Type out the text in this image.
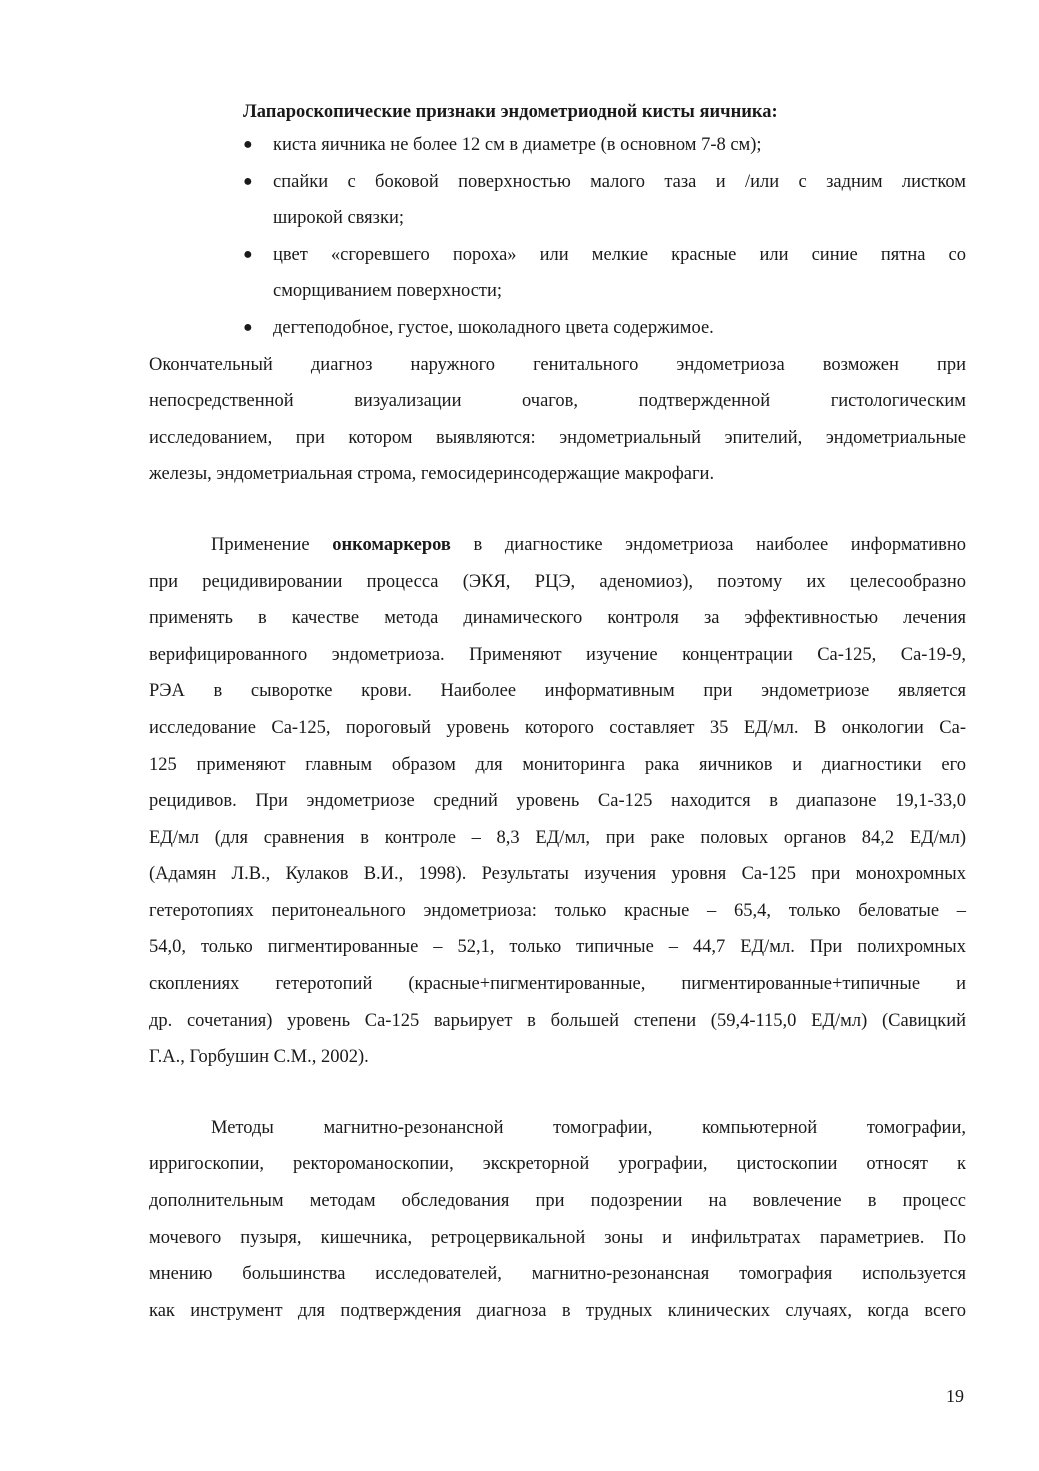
Лапароскопические признаки эндометриодной кисты яичника:
●	киста яичника не более 12 см в диаметре (в основном 7-8 см);
●	спайки с боковой поверхностью малого таза и /или с задним листком
широкой связки;
●	цвет «сгоревшего пороха» или мелкие красные или синие пятна со
сморщиванием поверхности;
●	дегтеподобное, густое, шоколадного цвета содержимое.
Окончательный диагноз наружного генитального эндометриоза возможен при
непосредственной визуализации очагов, подтвержденной гистологическим
исследованием, при котором выявляются: эндометриальный эпителий, эндометриальные
железы, эндометриальная строма, гемосидеринсодержащие макрофаги.
Применение онкомаркеров в диагностике эндометриоза наиболее информативно
при рецидивировании процесса (ЭКЯ, РЦЭ, аденомиоз), поэтому их целесообразно
применять в качестве метода динамического контроля за эффективностью лечения
верифицированного эндометриоза. Применяют изучение концентрации Са-125, Са-19-9,
РЭА в сыворотке крови. Наиболее информативным при эндометриозе является
исследование Са-125, пороговый уровень которого составляет 35 ЕД/мл. В онкологии Са-
125 применяют главным образом для мониторинга рака яичников и диагностики его
рецидивов. При эндометриозе средний уровень Са-125 находится в диапазоне 19,1-33,0
ЕД/мл (для сравнения в контроле – 8,3 ЕД/мл, при раке половых органов 84,2 ЕД/мл)
(Адамян Л.В., Кулаков В.И., 1998). Результаты изучения уровня Са-125 при монохромных
гетеротопиях перитонеального эндометриоза: только красные – 65,4, только беловатые –
54,0, только пигментированные – 52,1, только типичные – 44,7 ЕД/мл. При полихромных
скоплениях гетеротопий (красные+пигментированные, пигментированные+типичные и
др. сочетания) уровень Са-125 варьирует в большей степени (59,4-115,0 ЕД/мл) (Савицкий
Г.А., Горбушин С.М., 2002).
Методы магнитно-резонансной томографии, компьютерной томографии,
ирригоскопии, ректороманоскопии, экскреторной урографии, цистоскопии относят к
дополнительным методам обследования при подозрении на вовлечение в процесс
мочевого пузыря, кишечника, ретроцервикальной зоны и инфильтратах параметриев. По
мнению большинства исследователей, магнитно-резонансная томография используется
как инструмент для подтверждения диагноза в трудных клинических случаях, когда всего
19
